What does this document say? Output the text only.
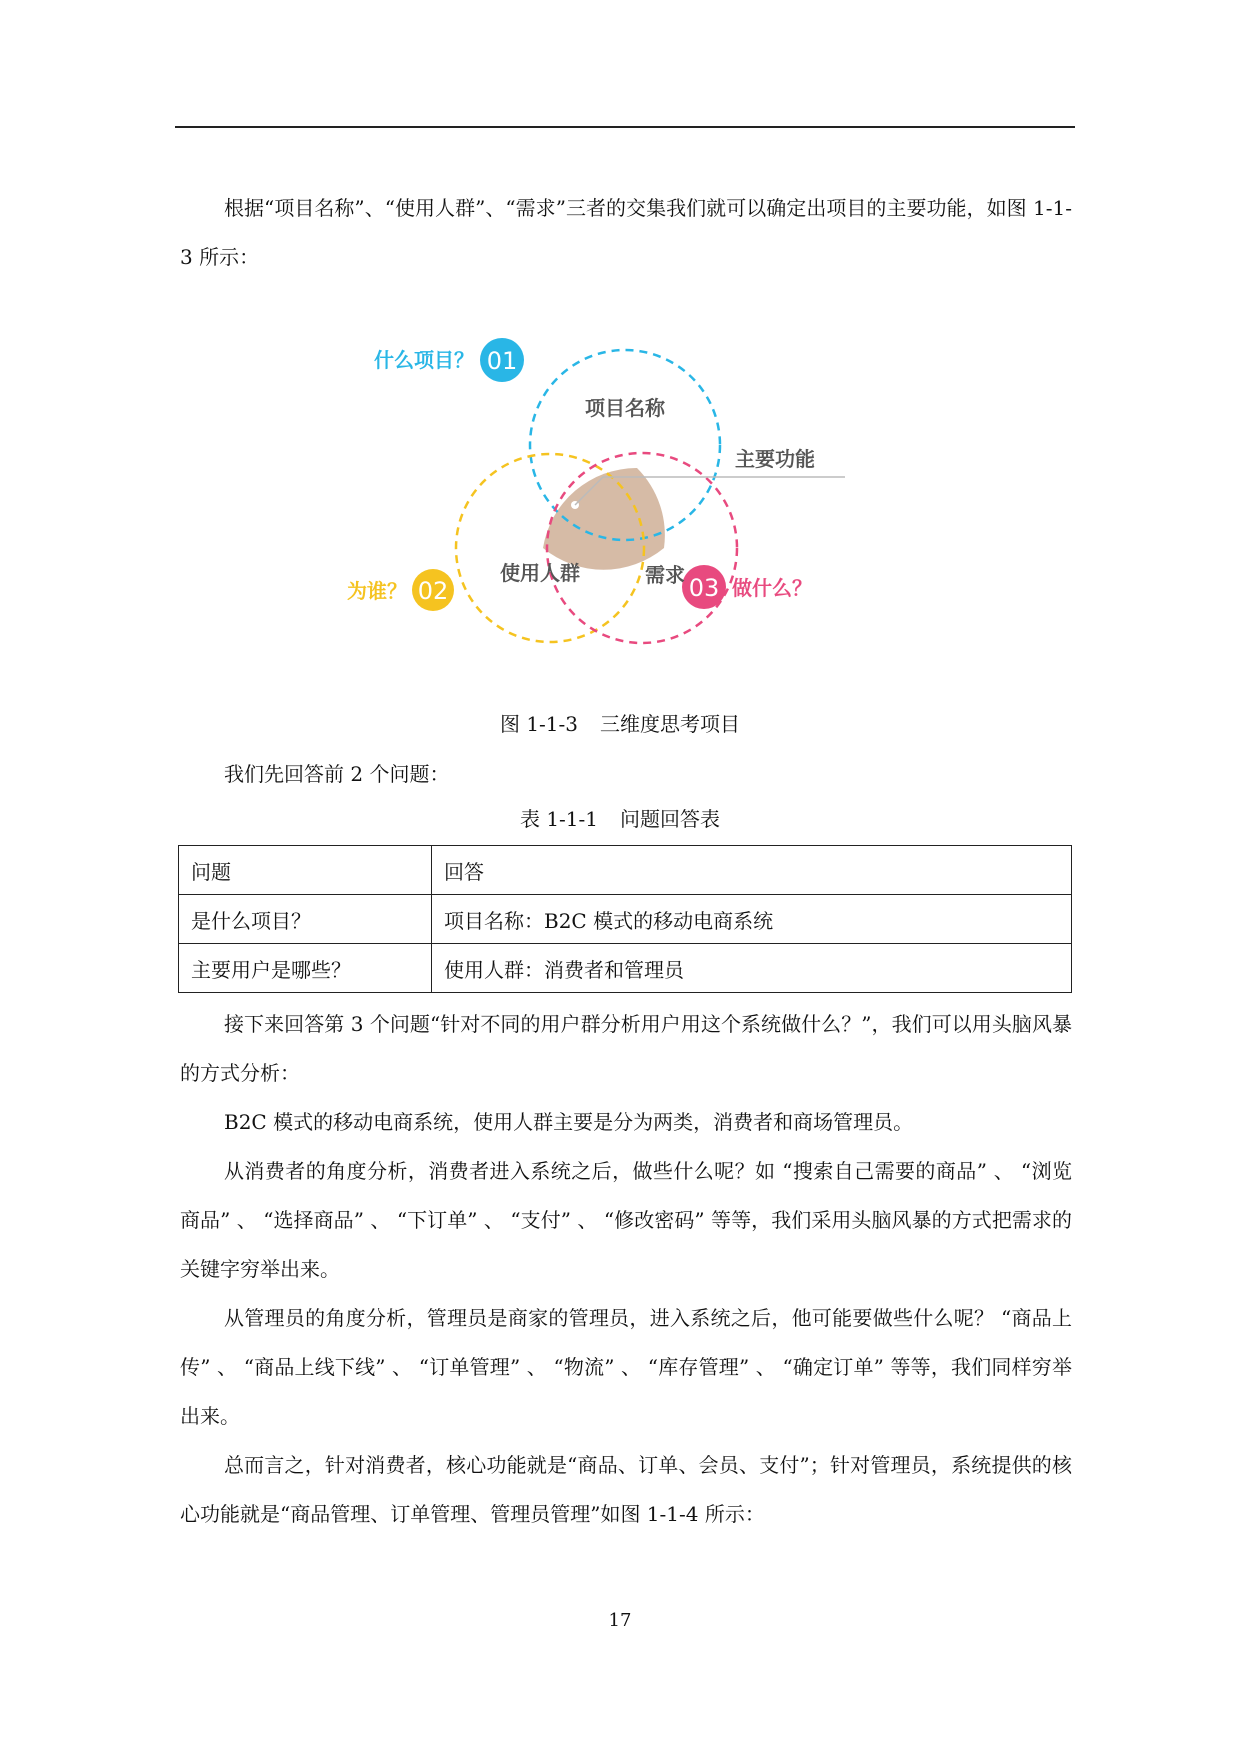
根据“项目名称”、“使用人群”、“需求”三者的交集我们就可以确定出项目的主要功能，如图 1-1-3 所示：

01
02	03
什么项目？
为谁？	做什么？
项目名称
主要功能
使用人群	需求
图 1-1-3 三维度思考项目

我们先回答前 2 个问题：

表 1-1-1 问题回答表
问题	回答
是什么项目？	项目名称：B2C 模式的移动电商系统
主要用户是哪些？	使用人群：消费者和管理员

接下来回答第 3 个问题“针对不同的用户群分析用户用这个系统做什么？”，我们可以用头脑风暴的方式分析：

B2C 模式的移动电商系统，使用人群主要是分为两类，消费者和商场管理员。

从消费者的角度分析，消费者进入系统之后，做些什么呢？如 “搜索自己需要的商品” 、 “浏览商品” 、 “选择商品” 、 “下订单” 、 “支付” 、 “修改密码” 等等，我们采用头脑风暴的方式把需求的关键字穷举出来。

从管理员的角度分析，管理员是商家的管理员，进入系统之后，他可能要做些什么呢？ “商品上传” 、 “商品上线下线” 、 “订单管理” 、 “物流” 、 “库存管理” 、 “确定订单” 等等，我们同样穷举出来。

总而言之，针对消费者，核心功能就是“商品、订单、会员、支付”；针对管理员，系统提供的核心功能就是“商品管理、订单管理、管理员管理”如图 1-1-4 所示：

17
